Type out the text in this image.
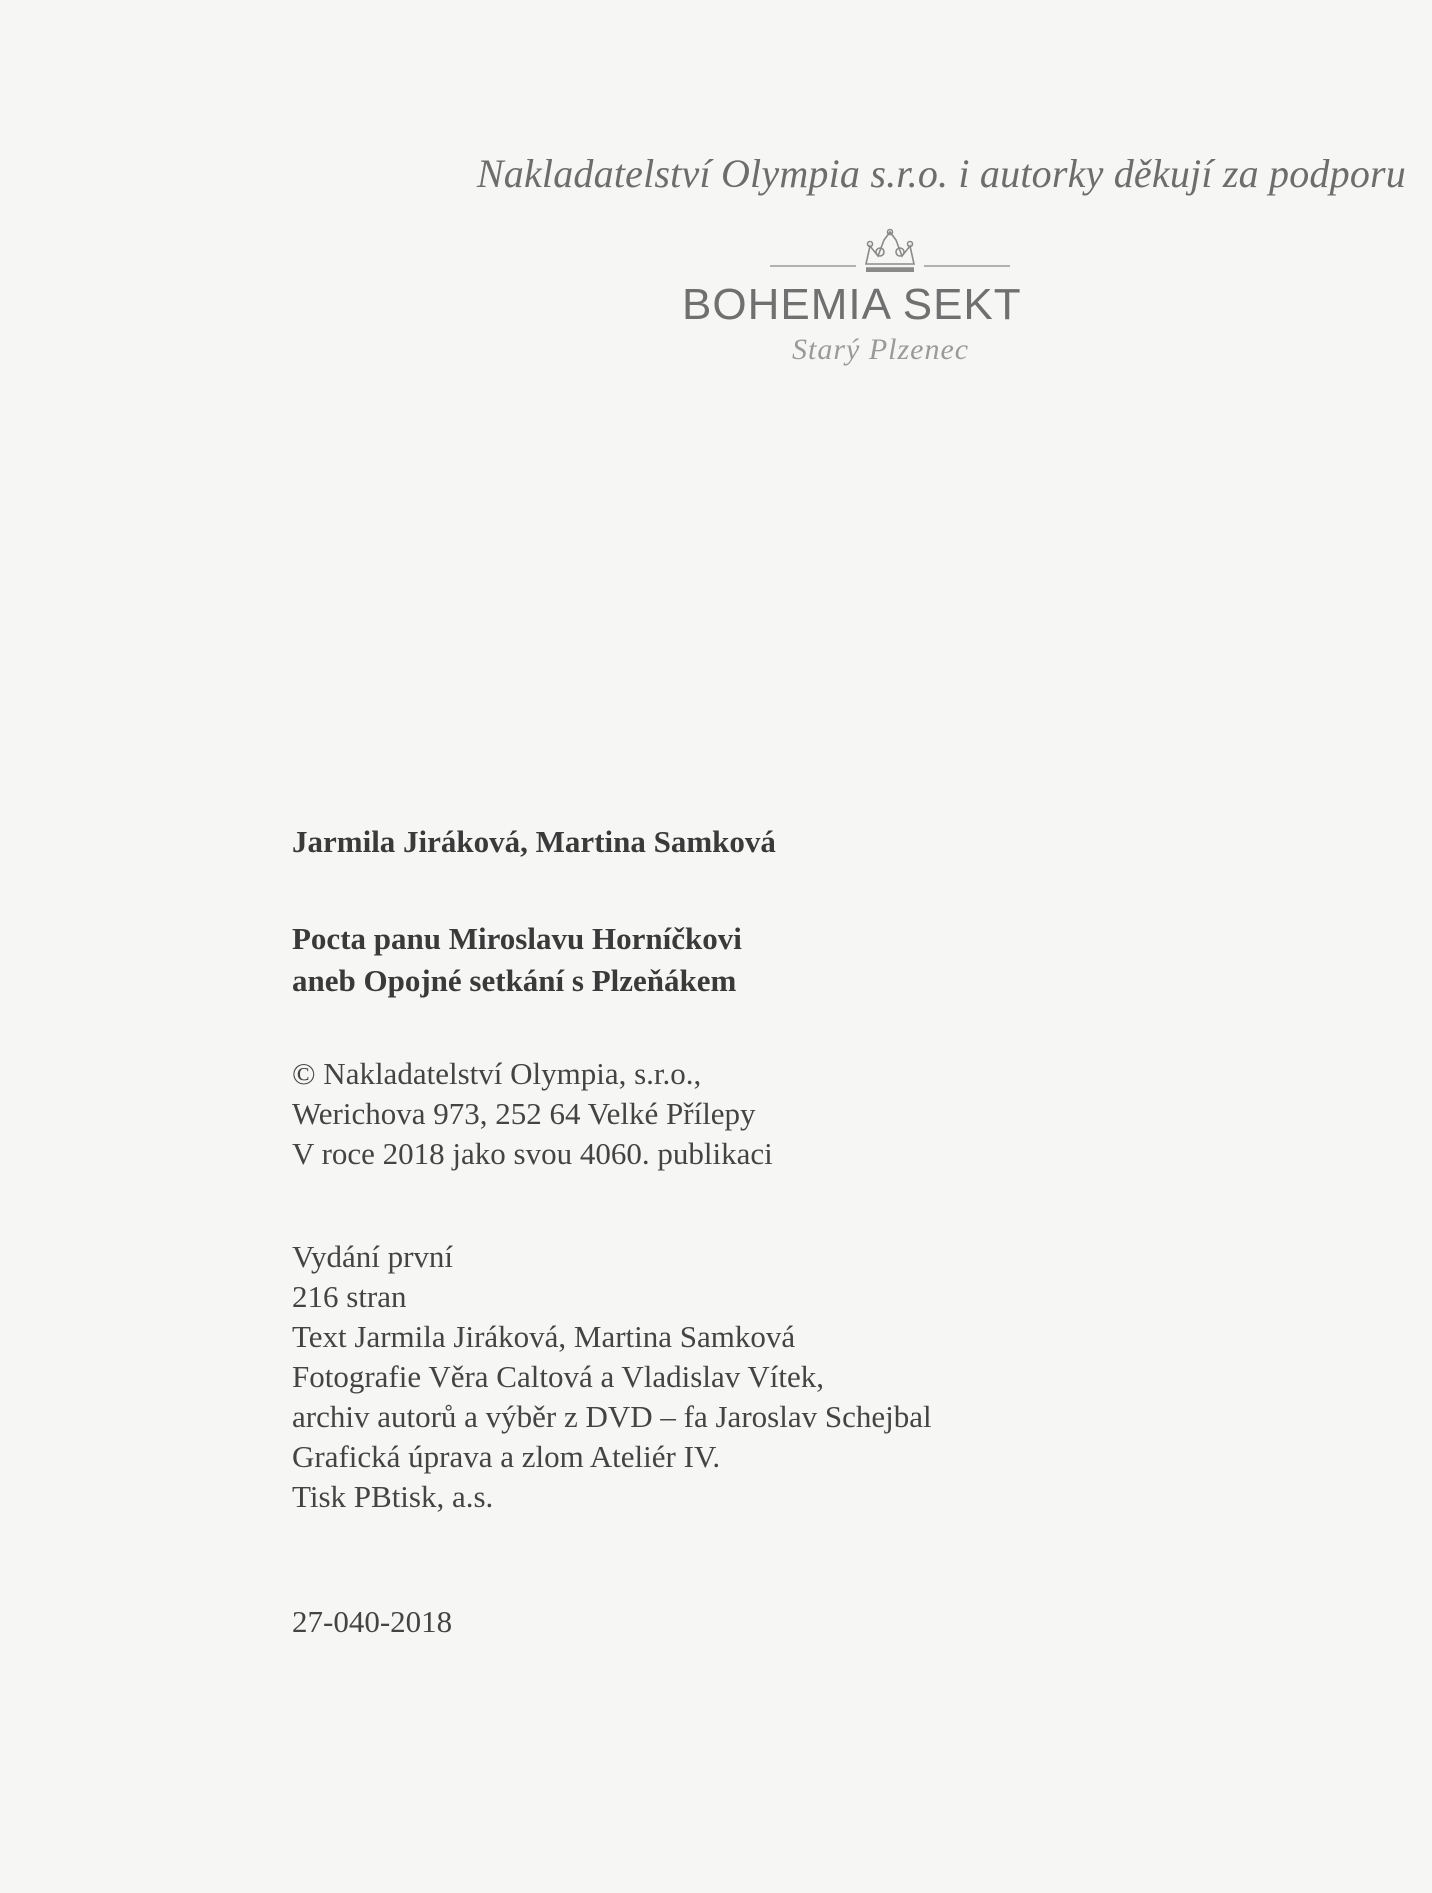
Nakladatelství Olympia s.r.o. i autorky děkují za podporu
BOHEMIA SEKT
Starý Plzenec
Jarmila Jiráková, Martina Samková
Pocta panu Miroslavu Horníčkovi
aneb Opojné setkání s Plzeňákem
© Nakladatelství Olympia, s.r.o.,
Werichova 973, 252 64 Velké Přílepy
V roce 2018 jako svou 4060. publikaci
Vydání první
216 stran
Text Jarmila Jiráková, Martina Samková
Fotografie Věra Caltová a Vladislav Vítek,
archiv autorů a výběr z DVD – fa Jaroslav Schejbal
Grafická úprava a zlom Ateliér IV.
Tisk PBtisk, a.s.
27-040-2018
